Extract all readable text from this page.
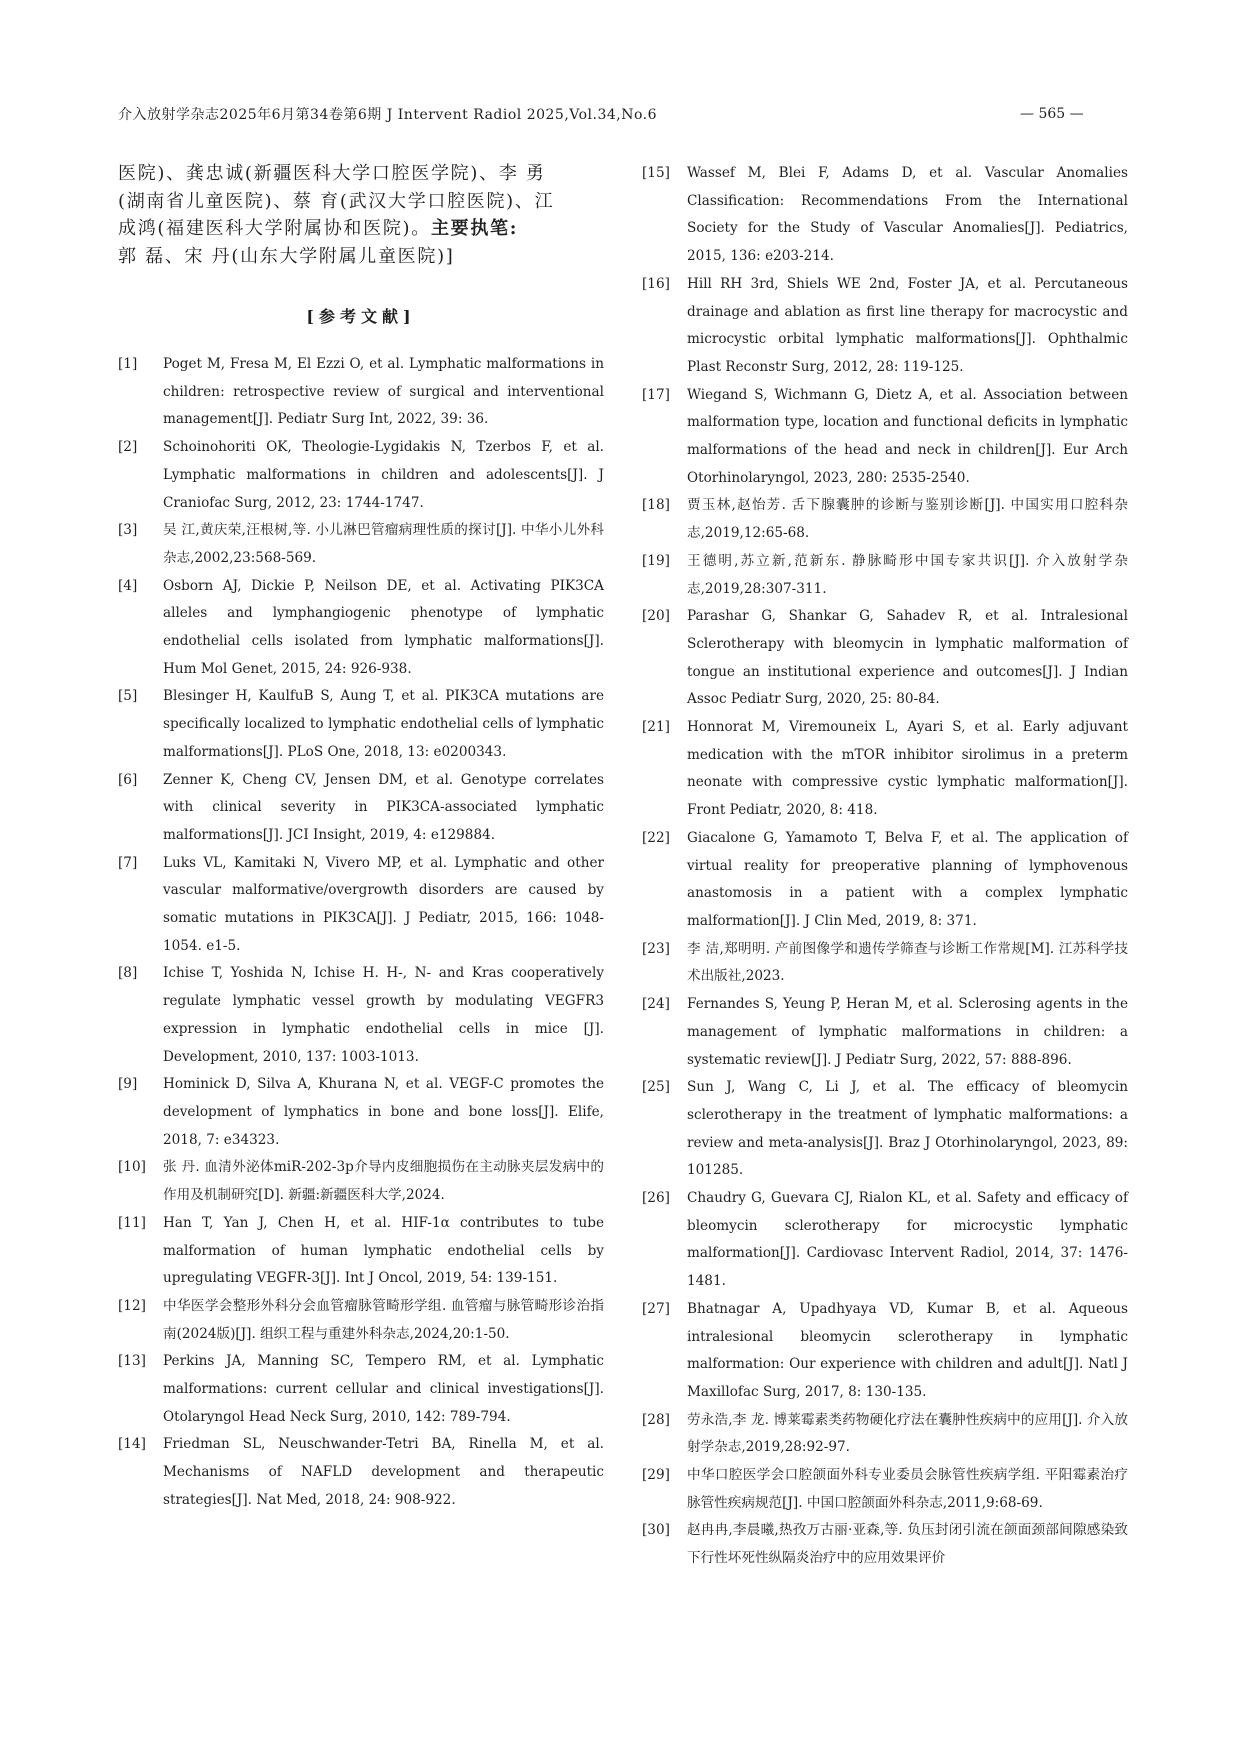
介入放射学杂志2025年6月第34卷第6期 J Intervent Radiol 2025,Vol.34,No.6	— 565 —
医院)、龚忠诚(新疆医科大学口腔医学院)、李 勇
(湖南省儿童医院)、蔡 育(武汉大学口腔医院)、江
成鸿(福建医科大学附属协和医院)。主要执笔:
郭 磊、宋 丹(山东大学附属儿童医院)]
[参考文献]
[1]	Poget M, Fresa M, El Ezzi O, et al. Lymphatic malformations in children: retrospective review of surgical and interventional management[J]. Pediatr Surg Int, 2022, 39: 36.
[2]	Schoinohoriti OK, Theologie-Lygidakis N, Tzerbos F, et al. Lymphatic malformations in children and adolescents[J]. J Craniofac Surg, 2012, 23: 1744-1747.
[3]	吴 江,黄庆荣,汪根树,等. 小儿淋巴管瘤病理性质的探讨[J]. 中华小儿外科杂志,2002,23:568-569.
[4]	Osborn AJ, Dickie P, Neilson DE, et al. Activating PIK3CA alleles and lymphangiogenic phenotype of lymphatic endothelial cells isolated from lymphatic malformations[J]. Hum Mol Genet, 2015, 24: 926-938.
[5]	Blesinger H, KaulfuB S, Aung T, et al. PIK3CA mutations are specifically localized to lymphatic endothelial cells of lymphatic malformations[J]. PLoS One, 2018, 13: e0200343.
[6]	Zenner K, Cheng CV, Jensen DM, et al. Genotype correlates with clinical severity in PIK3CA-associated lymphatic malformations[J]. JCI Insight, 2019, 4: e129884.
[7]	Luks VL, Kamitaki N, Vivero MP, et al. Lymphatic and other vascular malformative/overgrowth disorders are caused by somatic mutations in PIK3CA[J]. J Pediatr, 2015, 166: 1048-1054. e1-5.
[8]	Ichise T, Yoshida N, Ichise H. H-, N- and Kras cooperatively regulate lymphatic vessel growth by modulating VEGFR3 expression in lymphatic endothelial cells in mice [J]. Development, 2010, 137: 1003-1013.
[9]	Hominick D, Silva A, Khurana N, et al. VEGF-C promotes the development of lymphatics in bone and bone loss[J]. Elife, 2018, 7: e34323.
[10]	张 丹. 血清外泌体miR-202-3p介导内皮细胞损伤在主动脉夹层发病中的作用及机制研究[D]. 新疆:新疆医科大学,2024.
[11]	Han T, Yan J, Chen H, et al. HIF-1α contributes to tube malformation of human lymphatic endothelial cells by upregulating VEGFR-3[J]. Int J Oncol, 2019, 54: 139-151.
[12]	中华医学会整形外科分会血管瘤脉管畸形学组. 血管瘤与脉管畸形诊治指南(2024版)[J]. 组织工程与重建外科杂志,2024,20:1-50.
[13]	Perkins JA, Manning SC, Tempero RM, et al. Lymphatic malformations: current cellular and clinical investigations[J]. Otolaryngol Head Neck Surg, 2010, 142: 789-794.
[14]	Friedman SL, Neuschwander-Tetri BA, Rinella M, et al. Mechanisms of NAFLD development and therapeutic strategies[J]. Nat Med, 2018, 24: 908-922.
[15]	Wassef M, Blei F, Adams D, et al. Vascular Anomalies Classification: Recommendations From the International Society for the Study of Vascular Anomalies[J]. Pediatrics, 2015, 136: e203-214.
[16]	Hill RH 3rd, Shiels WE 2nd, Foster JA, et al. Percutaneous drainage and ablation as first line therapy for macrocystic and microcystic orbital lymphatic malformations[J]. Ophthalmic Plast Reconstr Surg, 2012, 28: 119-125.
[17]	Wiegand S, Wichmann G, Dietz A, et al. Association between malformation type, location and functional deficits in lymphatic malformations of the head and neck in children[J]. Eur Arch Otorhinolaryngol, 2023, 280: 2535-2540.
[18]	贾玉林,赵怡芳. 舌下腺囊肿的诊断与鉴别诊断[J]. 中国实用口腔科杂志,2019,12:65-68.
[19]	王德明,苏立新,范新东. 静脉畸形中国专家共识[J]. 介入放射学杂志,2019,28:307-311.
[20]	Parashar G, Shankar G, Sahadev R, et al. Intralesional Sclerotherapy with bleomycin in lymphatic malformation of tongue an institutional experience and outcomes[J]. J Indian Assoc Pediatr Surg, 2020, 25: 80-84.
[21]	Honnorat M, Viremouneix L, Ayari S, et al. Early adjuvant medication with the mTOR inhibitor sirolimus in a preterm neonate with compressive cystic lymphatic malformation[J]. Front Pediatr, 2020, 8: 418.
[22]	Giacalone G, Yamamoto T, Belva F, et al. The application of virtual reality for preoperative planning of lymphovenous anastomosis in a patient with a complex lymphatic malformation[J]. J Clin Med, 2019, 8: 371.
[23]	李 洁,郑明明. 产前图像学和遗传学筛查与诊断工作常规[M]. 江苏科学技术出版社,2023.
[24]	Fernandes S, Yeung P, Heran M, et al. Sclerosing agents in the management of lymphatic malformations in children: a systematic review[J]. J Pediatr Surg, 2022, 57: 888-896.
[25]	Sun J, Wang C, Li J, et al. The efficacy of bleomycin sclerotherapy in the treatment of lymphatic malformations: a review and meta-analysis[J]. Braz J Otorhinolaryngol, 2023, 89: 101285.
[26]	Chaudry G, Guevara CJ, Rialon KL, et al. Safety and efficacy of bleomycin sclerotherapy for microcystic lymphatic malformation[J]. Cardiovasc Intervent Radiol, 2014, 37: 1476-1481.
[27]	Bhatnagar A, Upadhyaya VD, Kumar B, et al. Aqueous intralesional bleomycin sclerotherapy in lymphatic malformation: Our experience with children and adult[J]. Natl J Maxillofac Surg, 2017, 8: 130-135.
[28]	劳永浩,李 龙. 博莱霉素类药物硬化疗法在囊肿性疾病中的应用[J]. 介入放射学杂志,2019,28:92-97.
[29]	中华口腔医学会口腔颌面外科专业委员会脉管性疾病学组. 平阳霉素治疗脉管性疾病规范[J]. 中国口腔颌面外科杂志,2011,9:68-69.
[30]	赵冉冉,李晨曦,热孜万古丽·亚森,等. 负压封闭引流在颌面颈部间隙感染致下行性坏死性纵隔炎治疗中的应用效果评价
